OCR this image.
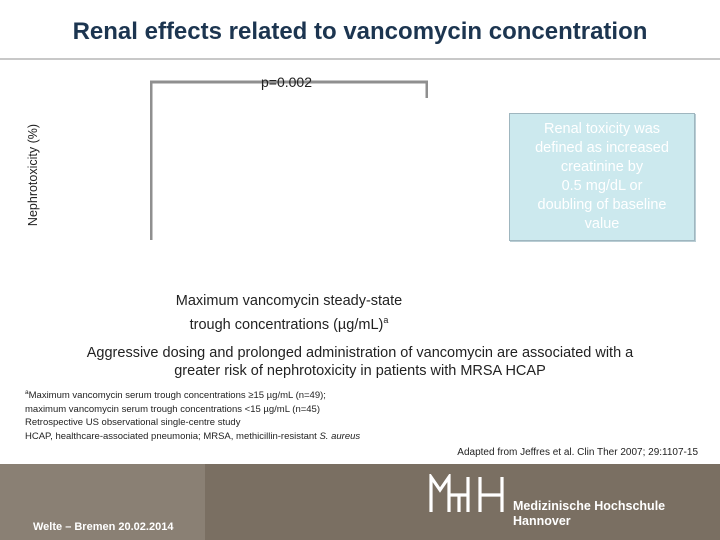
Renal effects related to vancomycin concentration
Nephrotoxicity (%)
p=0.002
Renal toxicity was
defined as increased
creatinine by
0.5 mg/dL or
doubling of baseline
value
Maximum vancomycin steady-state
trough concentrations $(\mu g/mL)^a$
Aggressive dosing and prolonged administration of vancomycin are associated with a
greater risk of nephrotoxicity in patients with MRSA HCAP
$^a$Maximum vancomycin serum trough concentrations ≥15 µg/mL (n=49);
maximum vancomycin serum trough concentrations <15 µg/mL (n=45)
Retrospective US observational single-centre study
HCAP, healthcare-associated pneumonia; MRSA, methicillin-resistant S. aureus
Adapted from Jeffres et al. Clin Ther 2007; 29:1107-15
Welte – Bremen 20.02.2014
Medizinische Hochschule
Hannover
